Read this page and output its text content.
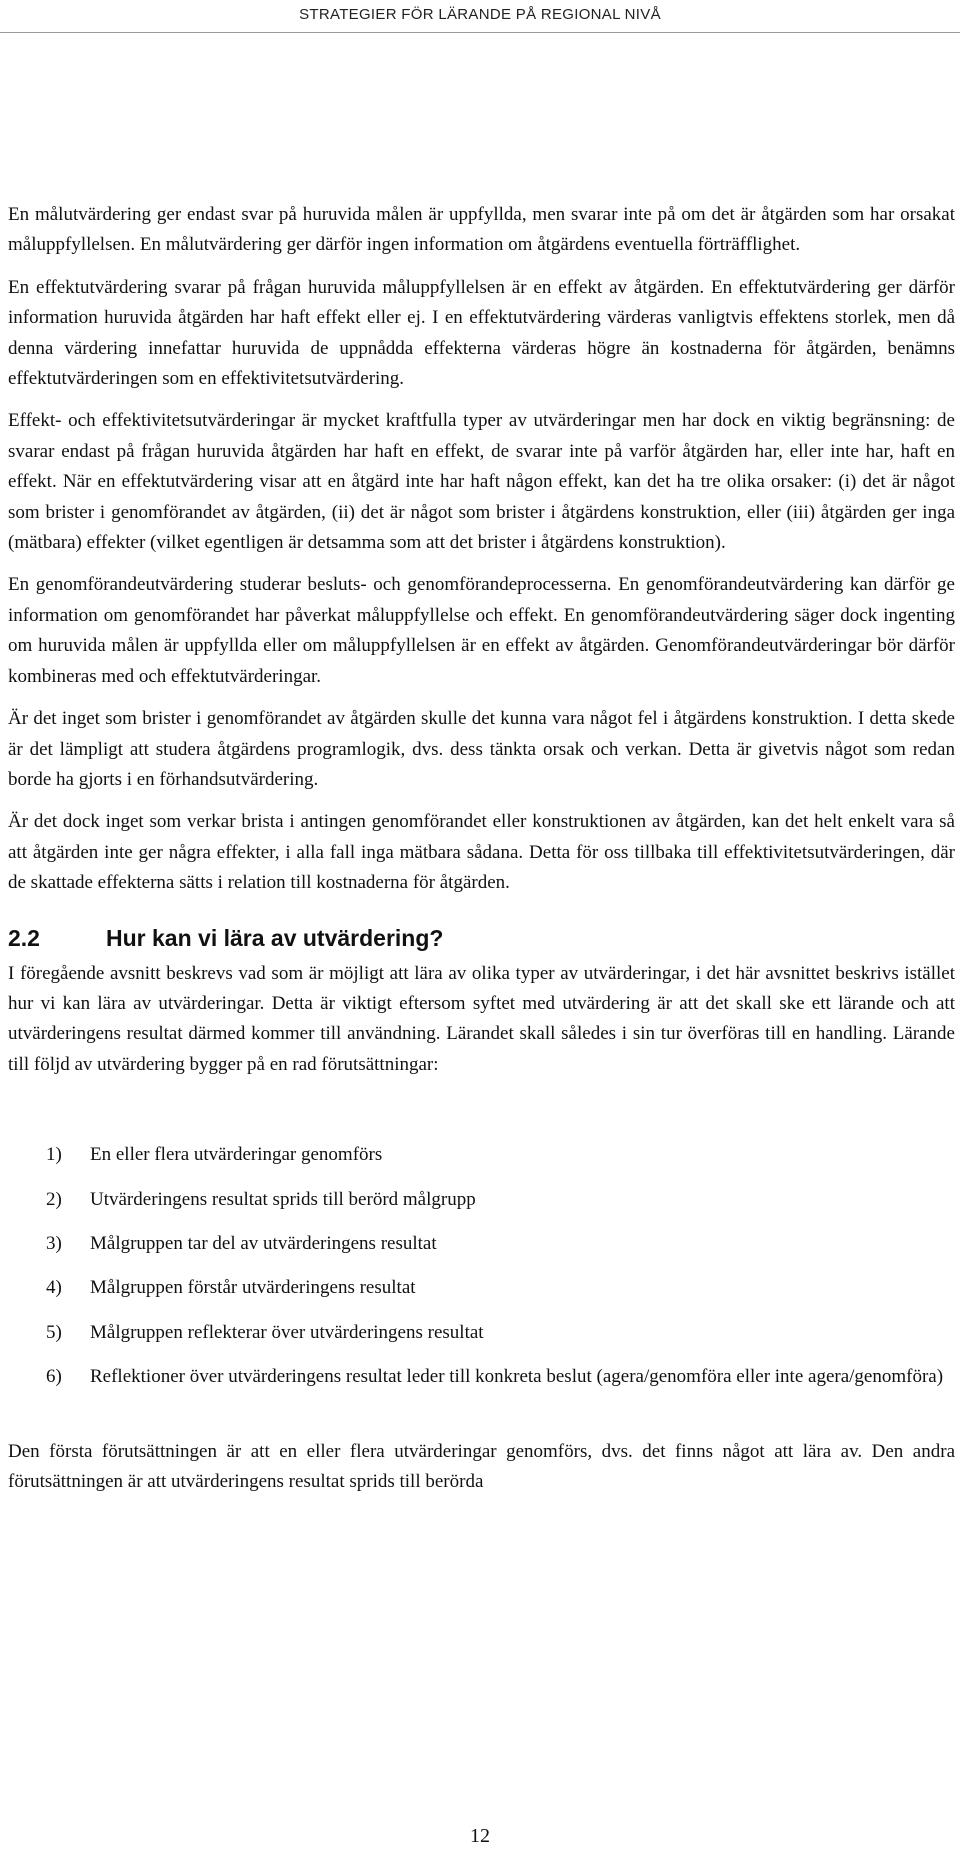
STRATEGIER FÖR LÄRANDE PÅ REGIONAL NIVÅ

En målutvärdering ger endast svar på huruvida målen är uppfyllda, men svarar inte på om det är åtgärden som har orsakat måluppfyllelsen. En målutvärdering ger därför ingen information om åtgärdens eventuella förträfflighet.

En effektutvärdering svarar på frågan huruvida måluppfyllelsen är en effekt av åtgärden. En effektutvärdering ger därför information huruvida åtgärden har haft effekt eller ej. I en effektutvärdering värderas vanligtvis effektens storlek, men då denna värdering innefattar huruvida de uppnådda effekterna värderas högre än kostnaderna för åtgärden, benämns effektutvärderingen som en effektivitetsutvärdering.

Effekt- och effektivitetsutvärderingar är mycket kraftfulla typer av utvärderingar men har dock en viktig begränsning: de svarar endast på frågan huruvida åtgärden har haft en effekt, de svarar inte på varför åtgärden har, eller inte har, haft en effekt. När en effektutvärdering visar att en åtgärd inte har haft någon effekt, kan det ha tre olika orsaker: (i) det är något som brister i genomförandet av åtgärden, (ii) det är något som brister i åtgärdens konstruktion, eller (iii) åtgärden ger inga (mätbara) effekter (vilket egentligen är detsamma som att det brister i åtgärdens konstruktion).

En genomförandeutvärdering studerar besluts- och genomförandeprocesserna. En genomförandeutvärdering kan därför ge information om genomförandet har påverkat måluppfyllelse och effekt. En genomförandeutvärdering säger dock ingenting om huruvida målen är uppfyllda eller om måluppfyllelsen är en effekt av åtgärden. Genomförandeutvärderingar bör därför kombineras med och effektutvärderingar.

Är det inget som brister i genomförandet av åtgärden skulle det kunna vara något fel i åtgärdens konstruktion. I detta skede är det lämpligt att studera åtgärdens programlogik, dvs. dess tänkta orsak och verkan. Detta är givetvis något som redan borde ha gjorts i en förhandsutvärdering.

Är det dock inget som verkar brista i antingen genomförandet eller konstruktionen av åtgärden, kan det helt enkelt vara så att åtgärden inte ger några effekter, i alla fall inga mätbara sådana. Detta för oss tillbaka till effektivitetsutvärderingen, där de skattade effekterna sätts i relation till kostnaderna för åtgärden.

2.2	Hur kan vi lära av utvärdering?

I föregående avsnitt beskrevs vad som är möjligt att lära av olika typer av utvärderingar, i det här avsnittet beskrivs istället hur vi kan lära av utvärderingar. Detta är viktigt eftersom syftet med utvärdering är att det skall ske ett lärande och att utvärderingens resultat därmed kommer till användning. Lärandet skall således i sin tur överföras till en handling. Lärande till följd av utvärdering bygger på en rad förutsättningar:

1) En eller flera utvärderingar genomförs
2) Utvärderingens resultat sprids till berörd målgrupp
3) Målgruppen tar del av utvärderingens resultat
4) Målgruppen förstår utvärderingens resultat
5) Målgruppen reflekterar över utvärderingens resultat
6) Reflektioner över utvärderingens resultat leder till konkreta beslut (agera/genomföra eller inte agera/genomföra)

Den första förutsättningen är att en eller flera utvärderingar genomförs, dvs. det finns något att lära av. Den andra förutsättningen är att utvärderingens resultat sprids till berörda

12
